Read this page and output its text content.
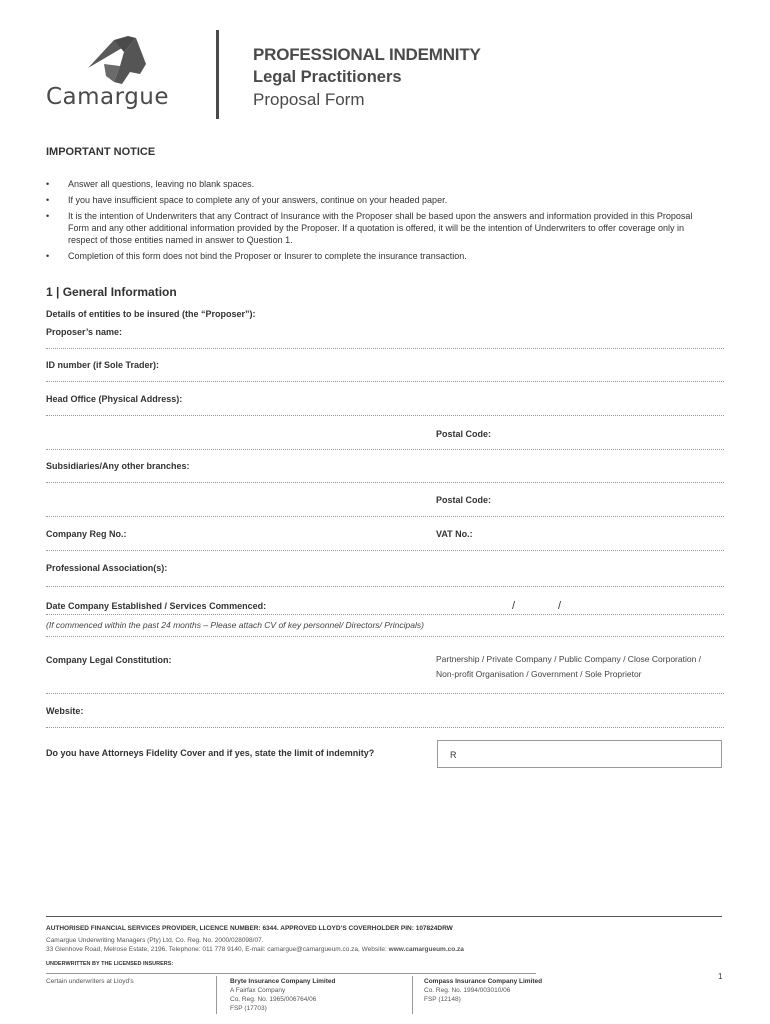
Camargue
PROFESSIONAL INDEMNITY
Legal Practitioners
Proposal Form
IMPORTANT NOTICE
•	Answer all questions, leaving no blank spaces.
•	If you have insufficient space to complete any of your answers, continue on your headed paper.
•	It is the intention of Underwriters that any Contract of Insurance with the Proposer shall be based upon the answers and information provided in this Proposal Form and any other additional information provided by the Proposer. If a quotation is offered, it will be the intention of Underwriters to offer coverage only in respect of those entities named in answer to Question 1.
•	Completion of this form does not bind the Proposer or Insurer to complete the insurance transaction.
1 | General Information
Details of entities to be insured (the “Proposer”):
Proposer’s name:
ID number (if Sole Trader):
Head Office (Physical Address):
Postal Code:
Subsidiaries/Any other branches:
Postal Code:
Company Reg No.:	VAT No.:
Professional Association(s):
Date Company Established / Services Commenced:	/	/
(If commenced within the past 24 months – Please attach CV of key personnel/ Directors/ Principals)
Company Legal Constitution:	Partnership / Private Company / Public Company / Close Corporation /
Non-profit Organisation / Government / Sole Proprietor
Website:
Do you have Attorneys Fidelity Cover and if yes, state the limit of indemnity?	R
AUTHORISED FINANCIAL SERVICES PROVIDER, LICENCE NUMBER: 6344. APPROVED LLOYD’S COVERHOLDER PIN: 107824DRW
Camargue Underwriting Managers (Pty) Ltd. Co. Reg. No. 2000/028098/07.
33 Glenhove Road, Melrose Estate, 2196. Telephone: 011 778 9140, E-mail: camargue@camargueum.co.za, Website: www.camargueum.co.za
UNDERWRITTEN BY THE LICENSED INSURERS:
Certain underwriters at Lloyd’s	Bryte Insurance Company Limited
A Fairfax Company
Co. Reg. No. 1965/006764/06
FSP (17703)
Compass Insurance Company Limited
Co. Reg. No. 1994/003010/06
FSP (12148)
1
